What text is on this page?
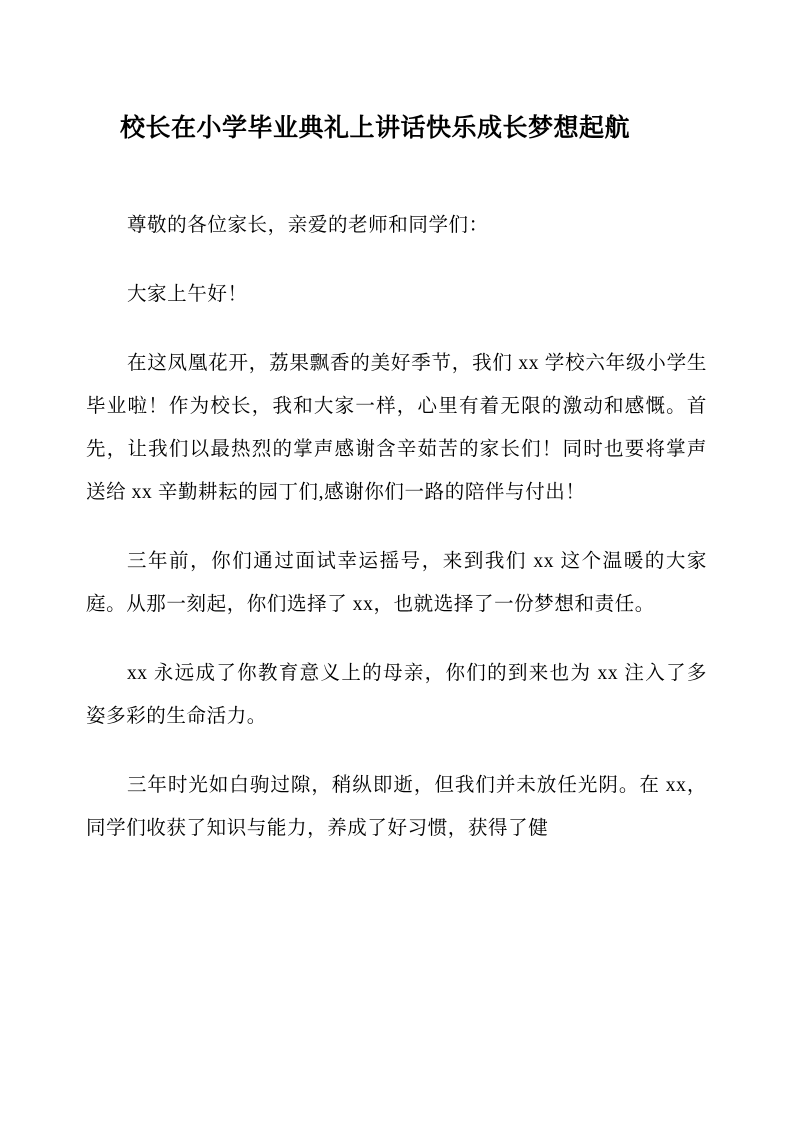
校长在小学毕业典礼上讲话快乐成长梦想起航

尊敬的各位家长，亲爱的老师和同学们：

大家上午好！

在这凤凰花开，荔果飘香的美好季节，我们 xx 学校六年级小学生毕业啦！作为校长，我和大家一样，心里有着无限的激动和感慨。首先，让我们以最热烈的掌声感谢含辛茹苦的家长们！同时也要将掌声送给 xx 辛勤耕耘的园丁们,感谢你们一路的陪伴与付出！

三年前，你们通过面试幸运摇号，来到我们 xx 这个温暖的大家庭。从那一刻起，你们选择了 xx，也就选择了一份梦想和责任。

xx 永远成了你教育意义上的母亲，你们的到来也为 xx 注入了多姿多彩的生命活力。

三年时光如白驹过隙，稍纵即逝，但我们并未放任光阴。在 xx，同学们收获了知识与能力，养成了好习惯，获得了健
